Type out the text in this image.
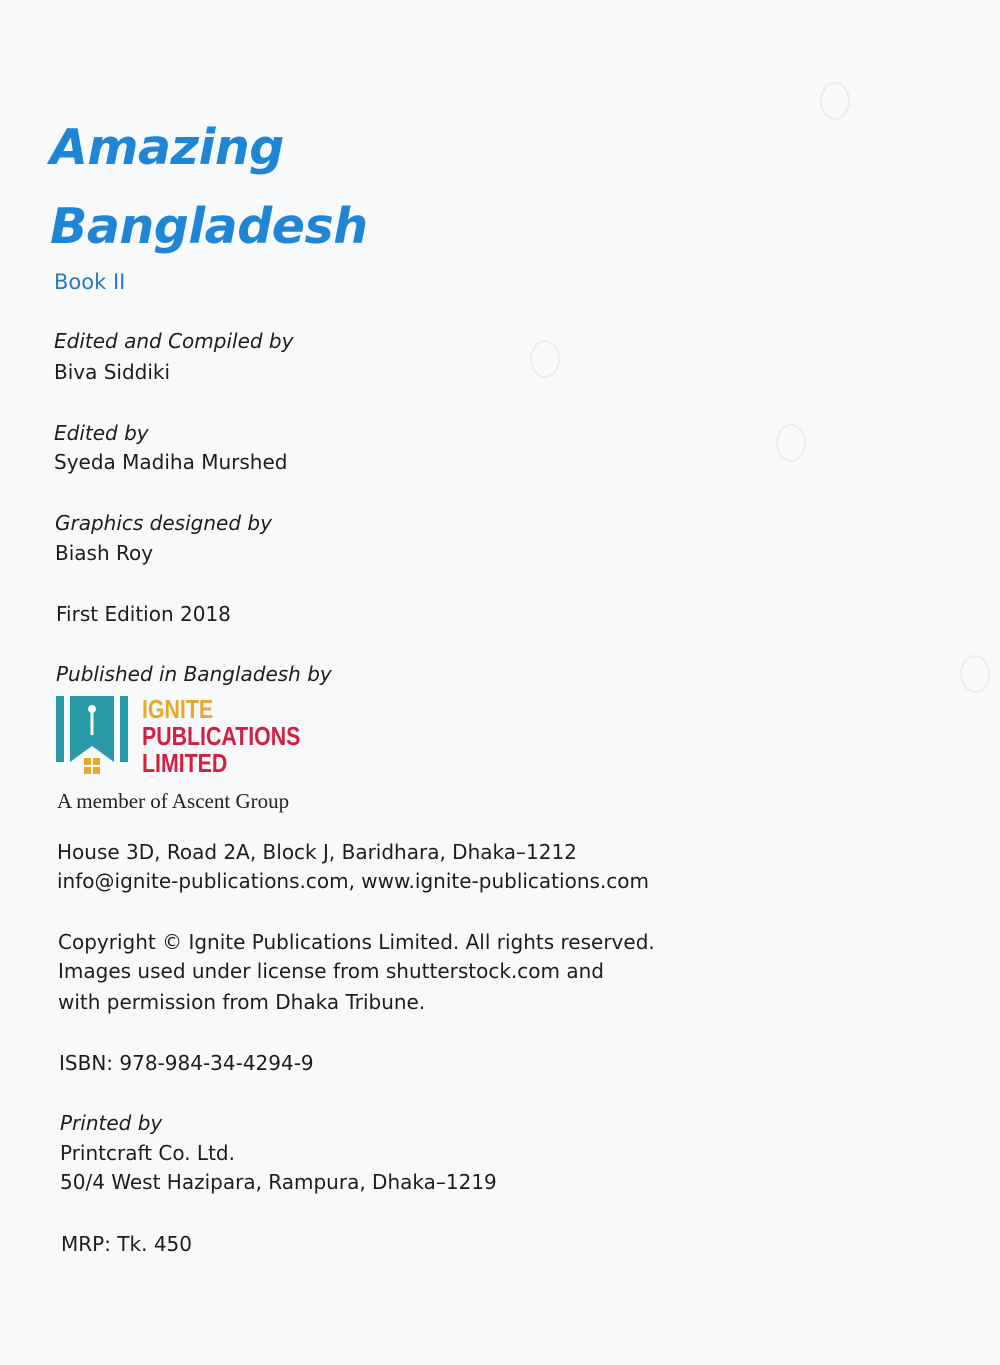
Amazing
Bangladesh

Book II

Edited and Compiled by

Biva Siddiki

Edited by

Syeda Madiha Murshed

Graphics designed by

Biash Roy

First Edition 2018

Published in Bangladesh by

IGNITE
PUBLICATIONS
LIMITED

A member of Ascent Group

House 3D, Road 2A, Block J, Baridhara, Dhaka–1212

info@ignite-publications.com, www.ignite-publications.com

Copyright © Ignite Publications Limited. All rights reserved.

Images used under license from shutterstock.com and

with permission from Dhaka Tribune.

ISBN: 978-984-34-4294-9

Printed by

Printcraft Co. Ltd.

50/4 West Hazipara, Rampura, Dhaka–1219

MRP: Tk. 450
